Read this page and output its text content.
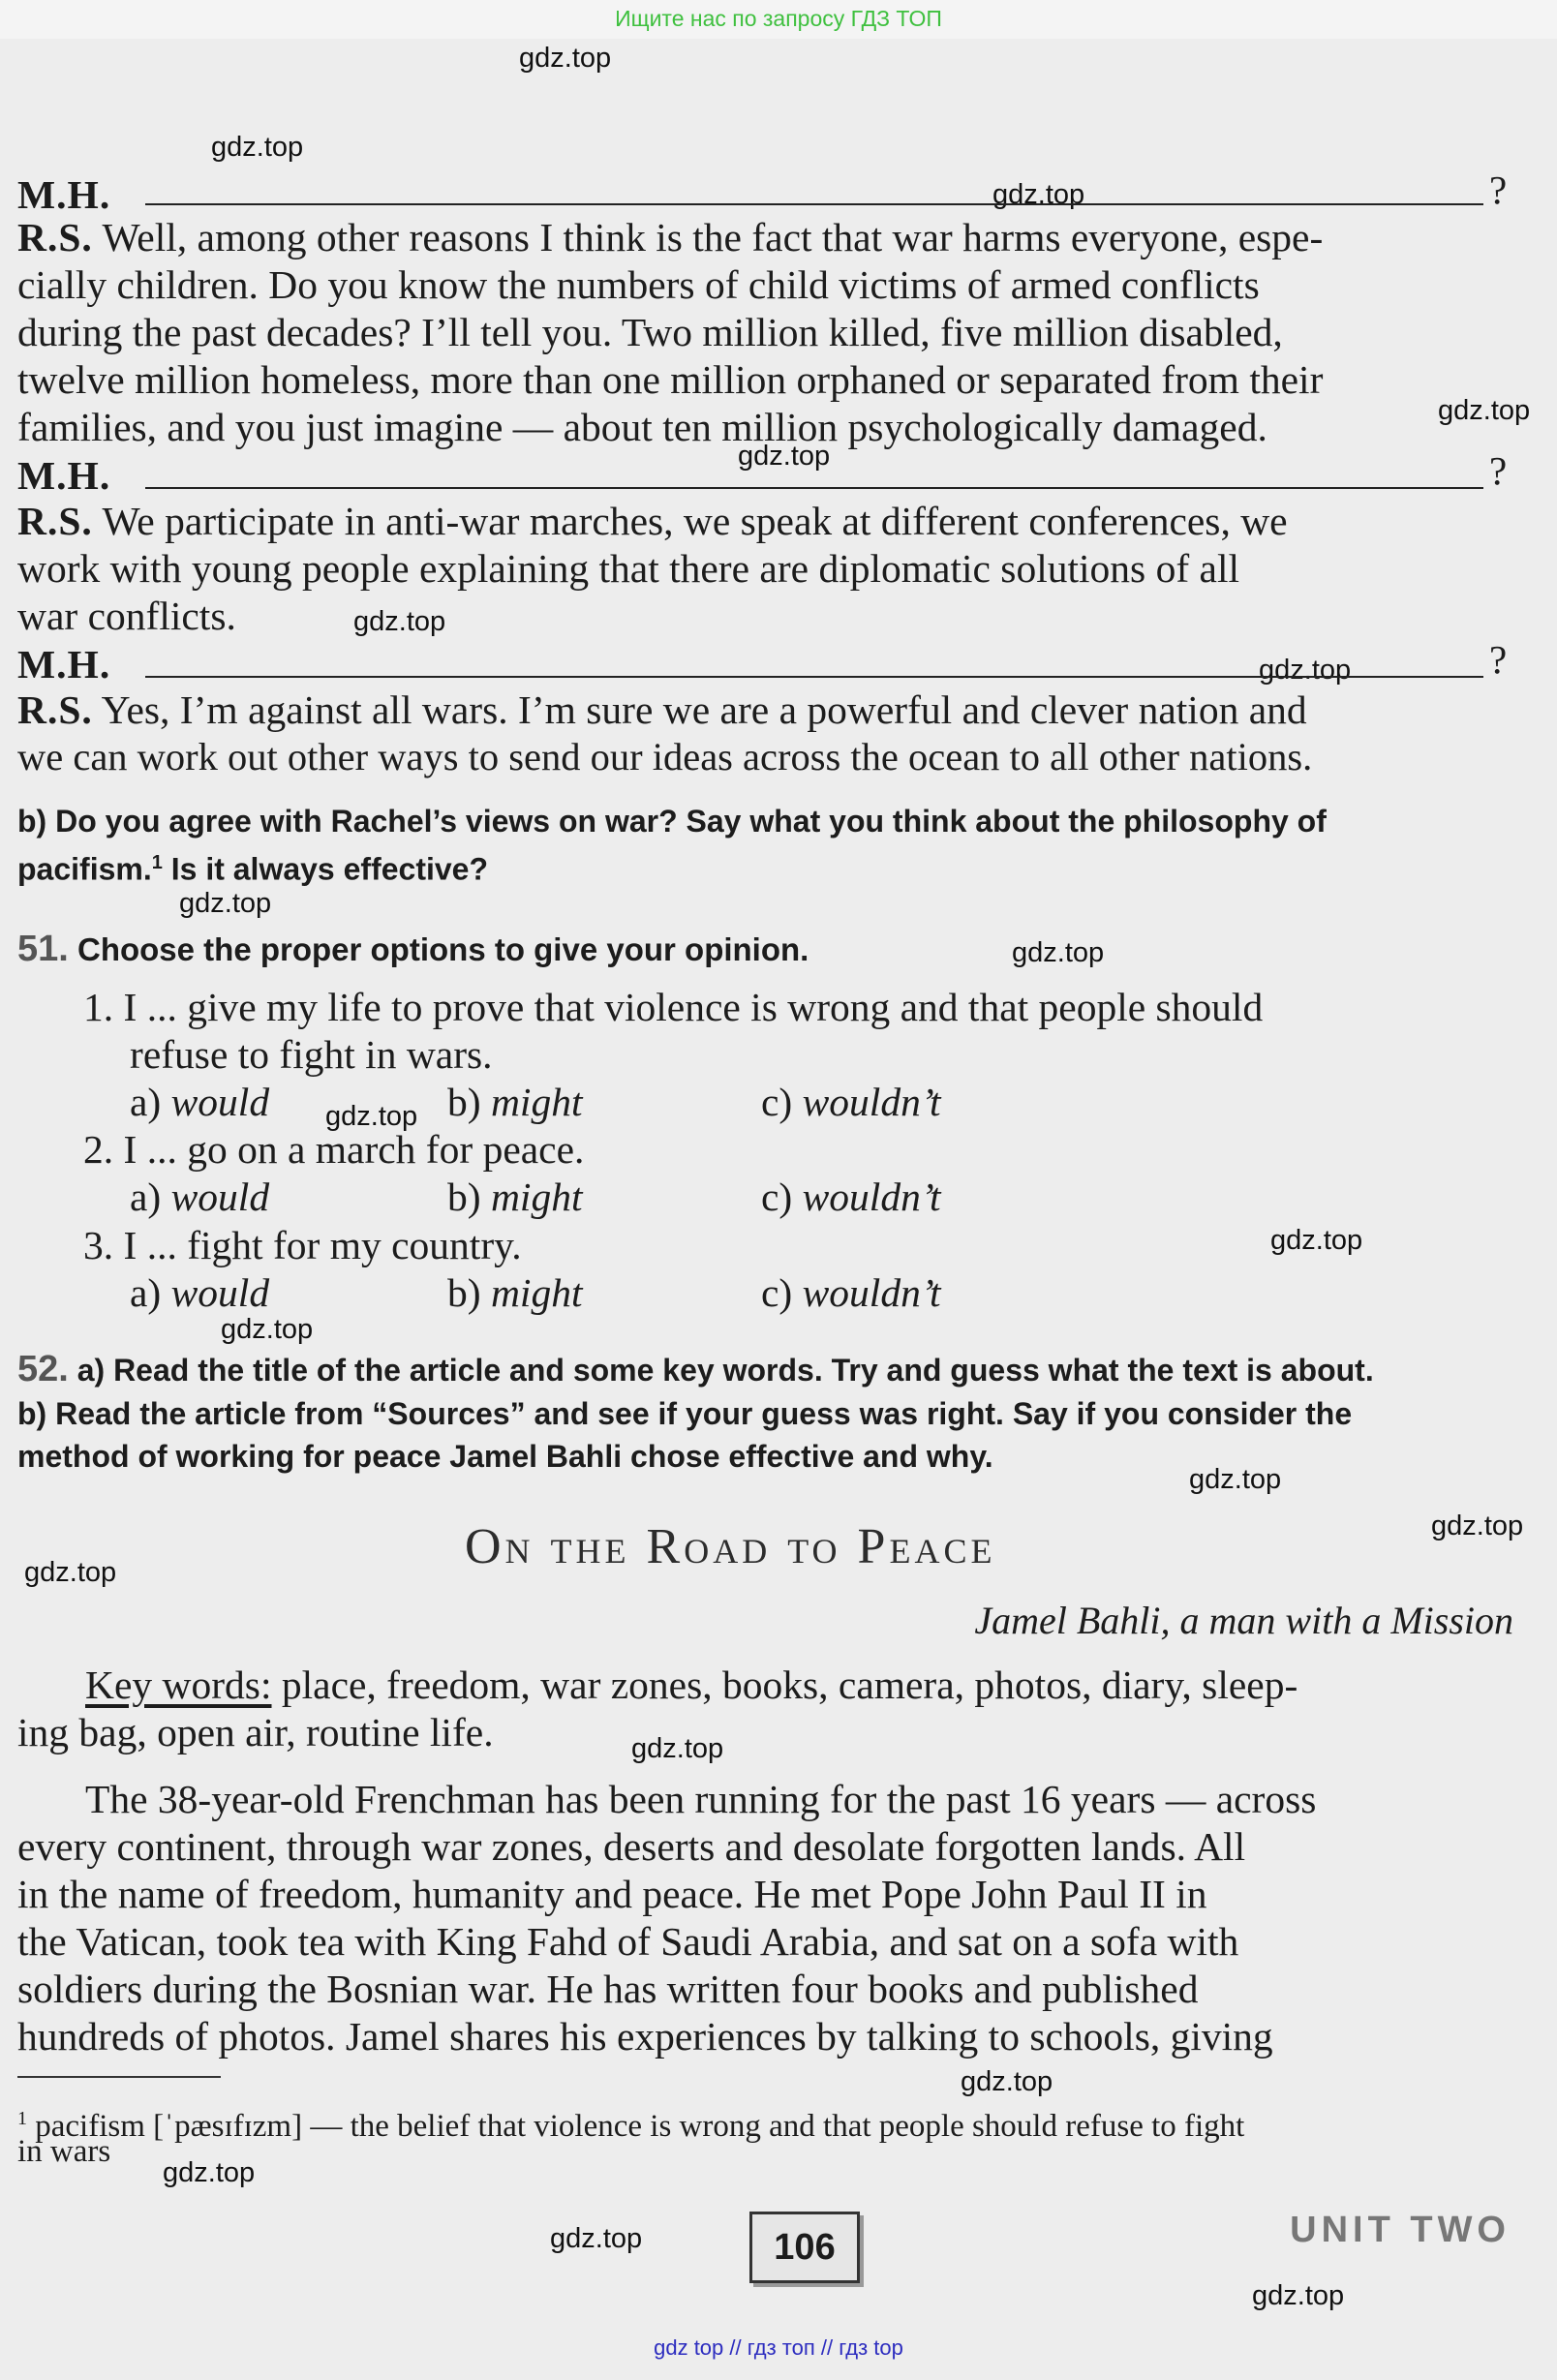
Ищите нас по запросу ГДЗ ТОП
gdz.top
gdz.top
gdz.top
gdz.top
gdz.top
gdz.top
gdz.top
gdz.top
gdz.top
gdz.top
gdz.top
gdz.top
gdz.top
gdz.top
gdz.top
gdz.top
gdz.top
gdz.top
gdz.top
gdz.top
M.H.	?
R.S. Well, among other reasons I think is the fact that war harms everyone, espe-
cially children. Do you know the numbers of child victims of armed conflicts
during the past decades? I’ll tell you. Two million killed, five million disabled,
twelve million homeless, more than one million orphaned or separated from their
families, and you just imagine — about ten million psychologically damaged.
M.H.	?
R.S. We participate in anti-war marches, we speak at different conferences, we
work with young people explaining that there are diplomatic solutions of all
war conflicts.
M.H.	?
R.S. Yes, I’m against all wars. I’m sure we are a powerful and clever nation and
we can work out other ways to send our ideas across the ocean to all other nations.
b) Do you agree with Rachel’s views on war? Say what you think about the philosophy of
pacifism.$^1$ Is it always effective?
51. Choose the proper options to give your opinion.
1. I ... give my life to prove that violence is wrong and that people should
refuse to fight in wars.
a) would	b) might	c) wouldn’t
2. I ... go on a march for peace.
a) would	b) might	c) wouldn’t
3. I ... fight for my country.
a) would	b) might	c) wouldn’t
52. a) Read the title of the article and some key words. Try and guess what the text is about.
b) Read the article from “Sources” and see if your guess was right. Say if you consider the
method of working for peace Jamel Bahli chose effective and why.
On the Road to Peace
Jamel Bahli, a man with a Mission
Key words: place, freedom, war zones, books, camera, photos, diary, sleep-
ing bag, open air, routine life.
The 38-year-old Frenchman has been running for the past 16 years — across
every continent, through war zones, deserts and desolate forgotten lands. All
in the name of freedom, humanity and peace. He met Pope John Paul II in
the Vatican, took tea with King Fahd of Saudi Arabia, and sat on a sofa with
soldiers during the Bosnian war. He has written four books and published
hundreds of photos. Jamel shares his experiences by talking to schools, giving
$^1$ pacifism [ˈpæsɪfɪzm] — the belief that violence is wrong and that people should refuse to fight
in wars
106	UNIT TWO
gdz top // гдз топ // гдз top
